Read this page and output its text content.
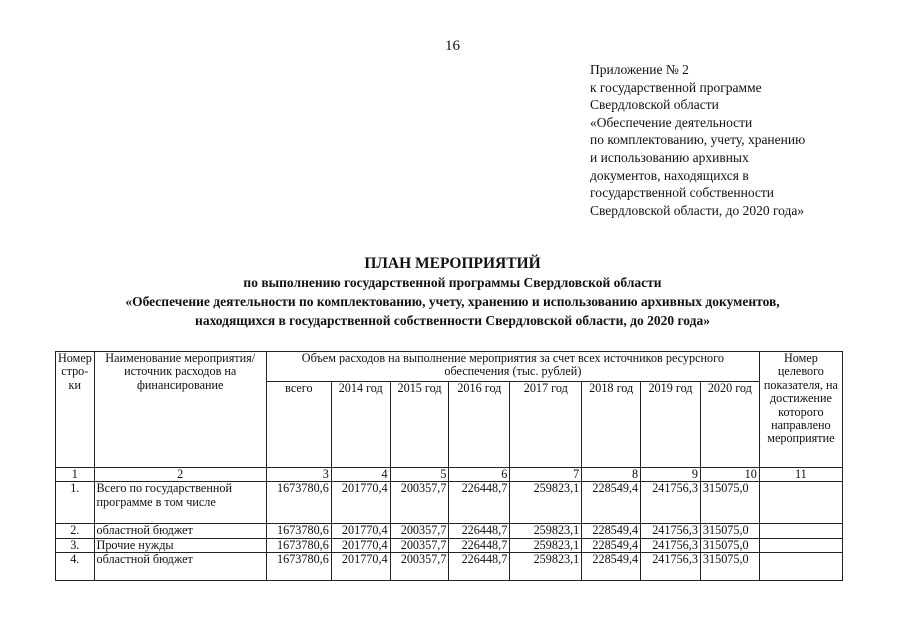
16
Приложение № 2
к государственной программе
Свердловской области
«Обеспечение деятельности
по комплектованию, учету, хранению
и использованию архивных
документов, находящихся в
государственной собственности
Свердловской области, до 2020 года»
ПЛАН МЕРОПРИЯТИЙ
по выполнению государственной программы Свердловской области
«Обеспечение деятельности по комплектованию, учету, хранению и использованию архивных документов,
находящихся в государственной собственности Свердловской области, до 2020 года»
Номер стро- ки	Наименование мероприятия/ источник расходов на финансирование	Объем расходов на выполнение мероприятия за счет всех источников ресурсного обеспечения (тыс. рублей)								Номер целевого показателя, на достижение которого направлено мероприятие
		всего	2014 год	2015 год	2016 год	2017 год	2018 год	2019 год	2020 год	
1	2	3	4	5	6	7	8	9	10	11
1.	Всего по государственной программе в том числе	1673780,6	201770,4	200357,7	226448,7	259823,1	228549,4	241756,3	315075,0	
2.	областной бюджет	1673780,6	201770,4	200357,7	226448,7	259823,1	228549,4	241756,3	315075,0	
3.	Прочие нужды	1673780,6	201770,4	200357,7	226448,7	259823,1	228549,4	241756,3	315075,0	
4.	областной бюджет	1673780,6	201770,4	200357,7	226448,7	259823,1	228549,4	241756,3	315075,0	
